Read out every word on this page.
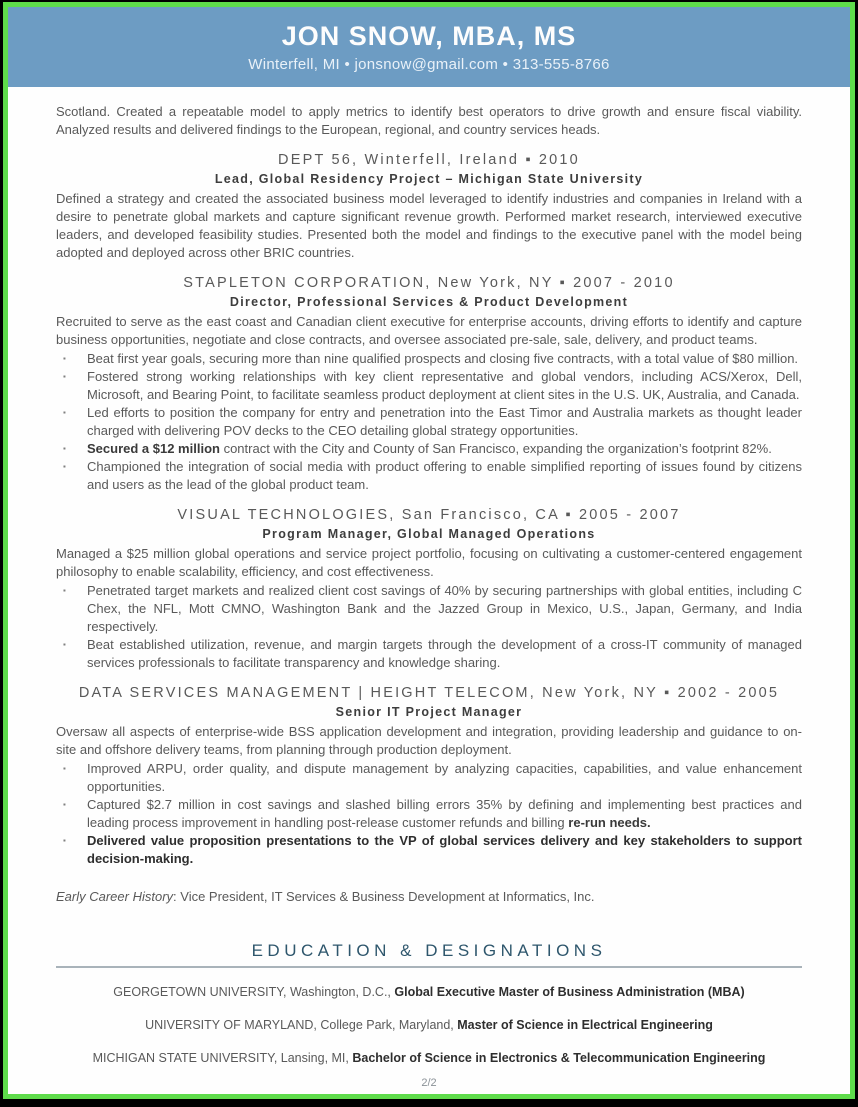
JON SNOW, MBA, MS
Winterfell, MI • jonsnow@gmail.com • 313-555-8766

Scotland. Created a repeatable model to apply metrics to identify best operators to drive growth and ensure fiscal viability. Analyzed results and delivered findings to the European, regional, and country services heads.

DEPT 56, Winterfell, Ireland ▪ 2010
Lead, Global Residency Project – Michigan State University

Defined a strategy and created the associated business model leveraged to identify industries and companies in Ireland with a desire to penetrate global markets and capture significant revenue growth. Performed market research, interviewed executive leaders, and developed feasibility studies. Presented both the model and findings to the executive panel with the model being adopted and deployed across other BRIC countries.

STAPLETON CORPORATION, New York, NY ▪ 2007 - 2010
Director, Professional Services & Product Development

Recruited to serve as the east coast and Canadian client executive for enterprise accounts, driving efforts to identify and capture business opportunities, negotiate and close contracts, and oversee associated pre-sale, sale, delivery, and product teams.

▪ Beat first year goals, securing more than nine qualified prospects and closing five contracts, with a total value of $80 million.
▪ Fostered strong working relationships with key client representative and global vendors, including ACS/Xerox, Dell, Microsoft, and Bearing Point, to facilitate seamless product deployment at client sites in the U.S. UK, Australia, and Canada.
▪ Led efforts to position the company for entry and penetration into the East Timor and Australia markets as thought leader charged with delivering POV decks to the CEO detailing global strategy opportunities.
▪ Secured a $12 million contract with the City and County of San Francisco, expanding the organization’s footprint 82%.
▪ Championed the integration of social media with product offering to enable simplified reporting of issues found by citizens and users as the lead of the global product team.
VISUAL TECHNOLOGIES, San Francisco, CA ▪ 2005 - 2007
Program Manager, Global Managed Operations

Managed a $25 million global operations and service project portfolio, focusing on cultivating a customer-centered engagement philosophy to enable scalability, efficiency, and cost effectiveness.

▪ Penetrated target markets and realized client cost savings of 40% by securing partnerships with global entities, including C Chex, the NFL, Mott CMNO, Washington Bank and the Jazzed Group in Mexico, U.S., Japan, Germany, and India respectively.
▪ Beat established utilization, revenue, and margin targets through the development of a cross-IT community of managed services professionals to facilitate transparency and knowledge sharing.
DATA SERVICES MANAGEMENT | HEIGHT TELECOM, New York, NY ▪ 2002 - 2005
Senior IT Project Manager

Oversaw all aspects of enterprise-wide BSS application development and integration, providing leadership and guidance to on-site and offshore delivery teams, from planning through production deployment.

▪ Improved ARPU, order quality, and dispute management by analyzing capacities, capabilities, and value enhancement opportunities.
▪ Captured $2.7 million in cost savings and slashed billing errors 35% by defining and implementing best practices and leading process improvement in handling post-release customer refunds and billing re-run needs.
▪ Delivered value proposition presentations to the VP of global services delivery and key stakeholders to support decision-making.

Early Career History: Vice President, IT Services & Business Development at Informatics, Inc.

EDUCATION & DESIGNATIONS
GEORGETOWN UNIVERSITY, Washington, D.C., Global Executive Master of Business Administration (MBA)
UNIVERSITY OF MARYLAND, College Park, Maryland, Master of Science in Electrical Engineering
MICHIGAN STATE UNIVERSITY, Lansing, MI, Bachelor of Science in Electronics & Telecommunication Engineering
2/2
